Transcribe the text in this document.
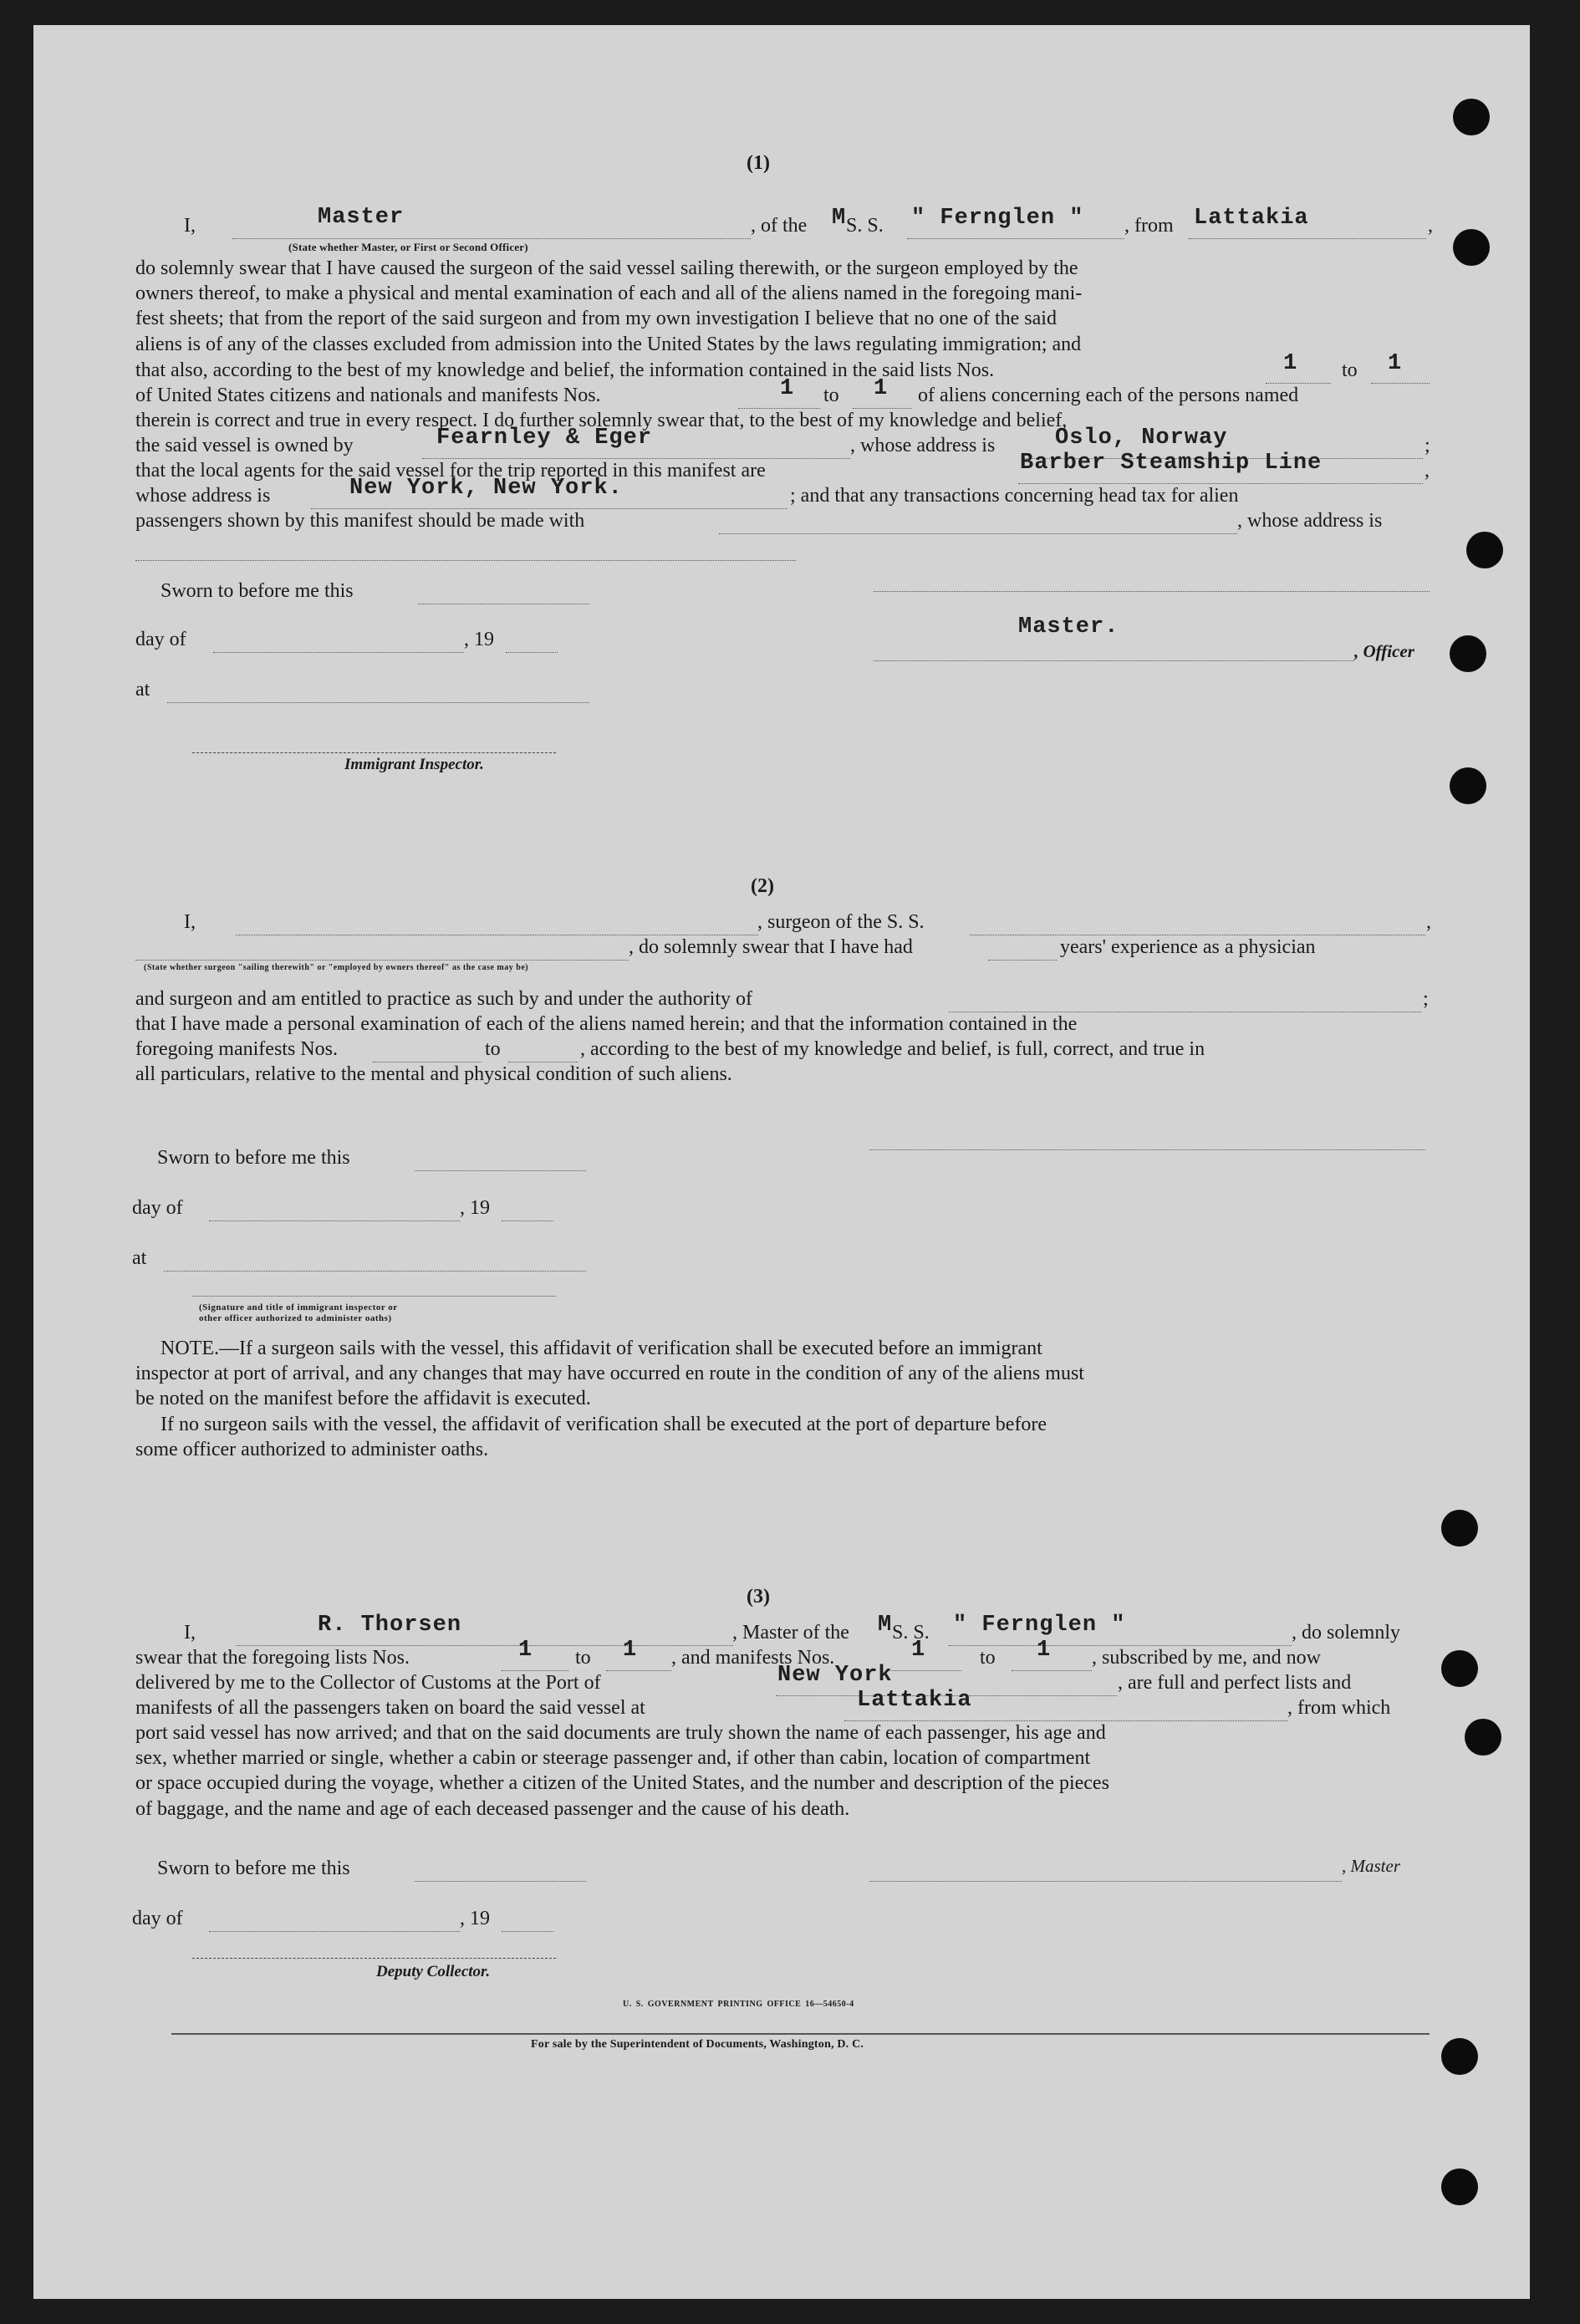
(1)
I,	Master
(State whether Master, or First or Second Officer)
, of the M S. S. " Fernglen " , from Lattakia	,
do solemnly swear that I have caused the surgeon of the said vessel sailing therewith, or the surgeon employed by the
owners thereof, to make a physical and mental examination of each and all of the aliens named in the foregoing mani-
fest sheets; that from the report of the said surgeon and from my own investigation I believe that no one of the said
aliens is of any of the classes excluded from admission into the United States by the laws regulating immigration; and
that also, according to the best of my knowledge and belief, the information contained in the said lists Nos.	1 to 1
of United States citizens and nationals and manifests Nos.	1 to 1 of aliens concerning each of the persons named
therein is correct and true in every respect. I do further solemnly swear that, to the best of my knowledge and belief,
the said vessel is owned by	Fearnley & Eger	, whose address is	Oslo, Norway	;
that the local agents for the said vessel for the trip reported in this manifest are	Barber Steamship Line	,
whose address is	New York, New York.	; and that any transactions concerning head tax for alien
passengers shown by this manifest should be made with	, whose address is
Sworn to before me this
day of	, 19
at
Immigrant Inspector.
Master.
, Officer
(2)
I,	, surgeon of the S. S.	,
, do solemnly swear that I have had	years' experience as a physician
(State whether surgeon "sailing therewith" or "employed by owners thereof" as the case may be)
and surgeon and am entitled to practice as such by and under the authority of	;
that I have made a personal examination of each of the aliens named herein; and that the information contained in the
foregoing manifests Nos.	to	, according to the best of my knowledge and belief, is full, correct, and true in
all particulars, relative to the mental and physical condition of such aliens.
Sworn to before me this
day of	, 19
at
(Signature and title of immigrant inspector or
other officer authorized to administer oaths)
NOTE.—If a surgeon sails with the vessel, this affidavit of verification shall be executed before an immigrant
inspector at port of arrival, and any changes that may have occurred en route in the condition of any of the aliens must
be noted on the manifest before the affidavit is executed.
If no surgeon sails with the vessel, the affidavit of verification shall be executed at the port of departure before
some officer authorized to administer oaths.
(3)
I,	R. Thorsen	, Master of the M S. S. " Fernglen "	, do solemnly
swear that the foregoing lists Nos.	1 to 1 , and manifests Nos.	1	to 1 , subscribed by me, and now
delivered by me to the Collector of Customs at the Port of	New York	, are full and perfect lists and
manifests of all the passengers taken on board the said vessel at	Lattakia	, from which
port said vessel has now arrived; and that on the said documents are truly shown the name of each passenger, his age and
sex, whether married or single, whether a cabin or steerage passenger and, if other than cabin, location of compartment
or space occupied during the voyage, whether a citizen of the United States, and the number and description of the pieces
of baggage, and the name and age of each deceased passenger and the cause of his death.
Sworn to before me this	, Master
day of	, 19
Deputy Collector.
U. S. GOVERNMENT PRINTING OFFICE 16—54650-4
For sale by the Superintendent of Documents, Washington, D. C.
